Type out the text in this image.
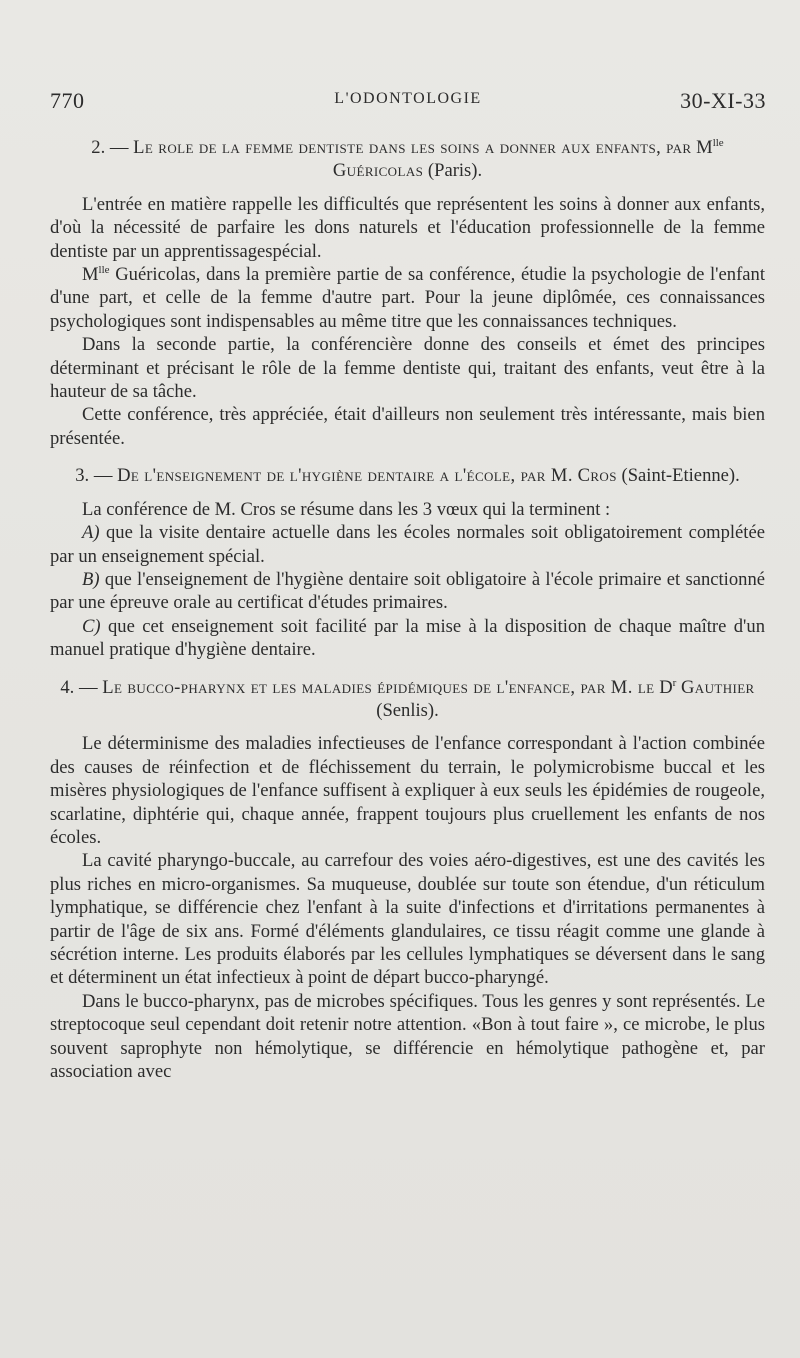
770	L'ODONTOLOGIE	30-XI-33
2. — Le role de la femme dentiste dans les soins a donner aux enfants, par $M^{lle}$ Guéricolas (Paris).

L'entrée en matière rappelle les difficultés que représentent les soins à donner aux enfants, d'où la nécessité de parfaire les dons naturels et l'éducation professionnelle de la femme dentiste par un apprentissagespécial.

$M^{lle}$ Guéricolas, dans la première partie de sa conférence, étudie la psychologie de l'enfant d'une part, et celle de la femme d'autre part. Pour la jeune diplômée, ces connaissances psychologiques sont indispensables au même titre que les connaissances techniques.

Dans la seconde partie, la conférencière donne des conseils et émet des principes déterminant et précisant le rôle de la femme dentiste qui, traitant des enfants, veut être à la hauteur de sa tâche.

Cette conférence, très appréciée, était d'ailleurs non seulement très intéressante, mais bien présentée.

3. — De l'enseignement de l'hygiène dentaire a l'école, par M. Cros (Saint-Etienne).

La conférence de M. Cros se résume dans les 3 vœux qui la terminent :

A) que la visite dentaire actuelle dans les écoles normales soit obligatoirement complétée par un enseignement spécial.

B) que l'enseignement de l'hygiène dentaire soit obligatoire à l'école primaire et sanctionné par une épreuve orale au certificat d'études primaires.

C) que cet enseignement soit facilité par la mise à la disposition de chaque maître d'un manuel pratique d'hygiène dentaire.

4. — Le bucco-pharynx et les maladies épidémiques de l'enfance, par M. le $D^r$ Gauthier (Senlis).

Le déterminisme des maladies infectieuses de l'enfance correspondant à l'action combinée des causes de réinfection et de fléchissement du terrain, le polymicrobisme buccal et les misères physiologiques de l'enfance suffisent à expliquer à eux seuls les épidémies de rougeole, scarlatine, diphtérie qui, chaque année, frappent toujours plus cruellement les enfants de nos écoles.

La cavité pharyngo-buccale, au carrefour des voies aéro-digestives, est une des cavités les plus riches en micro-organismes. Sa muqueuse, doublée sur toute son étendue, d'un réticulum lymphatique, se différencie chez l'enfant à la suite d'infections et d'irritations permanentes à partir de l'âge de six ans. Formé d'éléments glandulaires, ce tissu réagit comme une glande à sécrétion interne. Les produits élaborés par les cellules lymphatiques se déversent dans le sang et déterminent un état infectieux à point de départ bucco-pharyngé.

Dans le bucco-pharynx, pas de microbes spécifiques. Tous les genres y sont représentés. Le streptocoque seul cependant doit retenir notre attention. «Bon à tout faire », ce microbe, le plus souvent saprophyte non hémolytique, se différencie en hémolytique pathogène et, par association avec
